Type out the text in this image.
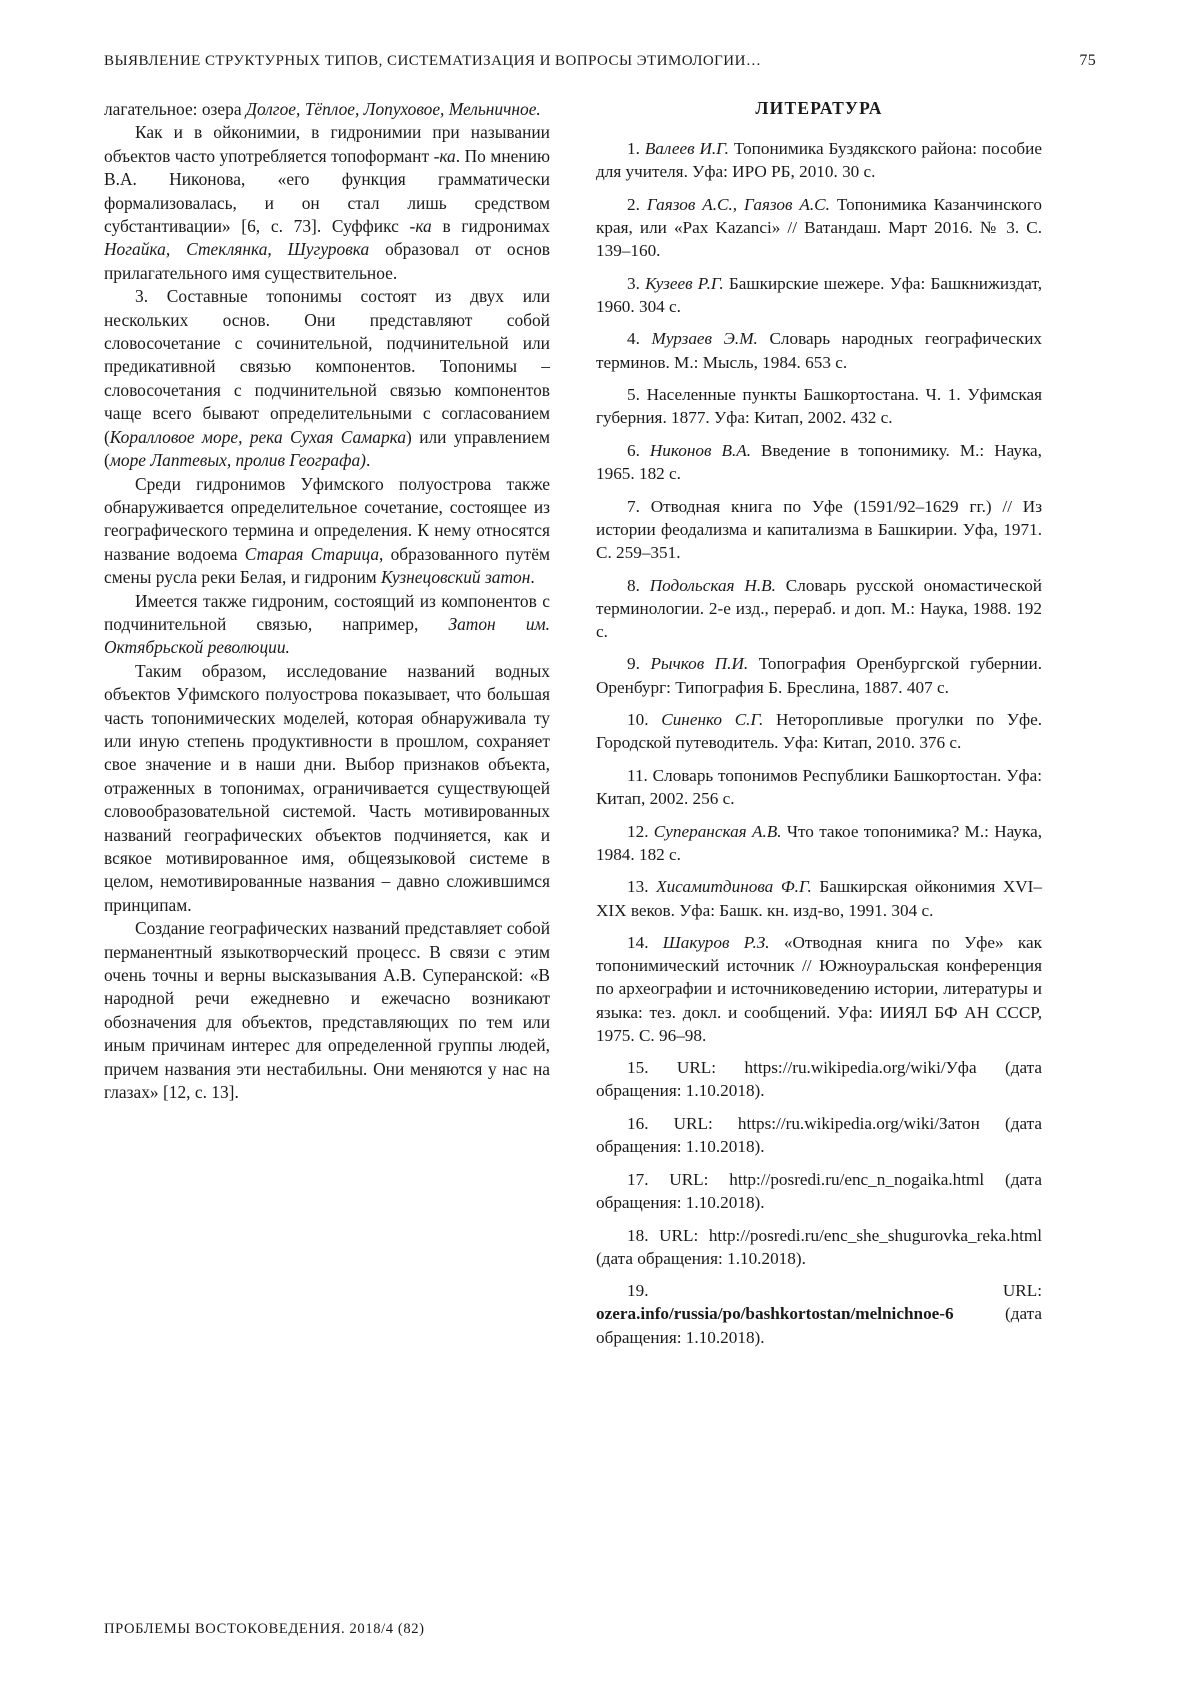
ВЫЯВЛЕНИЕ СТРУКТУРНЫХ ТИПОВ, СИСТЕМАТИЗАЦИЯ И ВОПРОСЫ ЭТИМОЛОГИИ…	75

лагательное: озера Долгое, Тёплое, Лопуховое, Мельничное.

Как и в ойконимии, в гидронимии при назывании объектов часто употребляется топоформант -ка. По мнению В.А. Никонова, «его функция грамматически формализовалась, и он стал лишь средством субстантивации» [6, с. 73]. Суффикс -ка в гидронимах Ногайка, Стеклянка, Шугуровка образовал от основ прилагательного имя существительное.

3. Составные топонимы состоят из двух или нескольких основ. Они представляют собой словосочетание с сочинительной, подчинительной или предикативной связью компонентов. Топонимы – словосочетания с подчинительной связью компонентов чаще всего бывают определительными с согласованием (Коралловое море, река Сухая Самарка) или управлением (море Лаптевых, пролив Географа).

Среди гидронимов Уфимского полуострова также обнаруживается определительное сочетание, состоящее из географического термина и определения. К нему относятся название водоема Старая Старица, образованного путём смены русла реки Белая, и гидроним Кузнецовский затон.

Имеется также гидроним, состоящий из компонентов с подчинительной связью, например, Затон им. Октябрьской революции.

Таким образом, исследование названий водных объектов Уфимского полуострова показывает, что большая часть топонимических моделей, которая обнаруживала ту или иную степень продуктивности в прошлом, сохраняет свое значение и в наши дни. Выбор признаков объекта, отраженных в топонимах, ограничивается существующей словообразовательной системой. Часть мотивированных названий географических объектов подчиняется, как и всякое мотивированное имя, общеязыковой системе в целом, немотивированные названия – давно сложившимся принципам.

Создание географических названий представляет собой перманентный языкотворческий процесс. В связи с этим очень точны и верны высказывания А.В. Суперанской: «В народной речи ежедневно и ежечасно возникают обозначения для объектов, представляющих по тем или иным причинам интерес для определенной группы людей, причем названия эти нестабильны. Они меняются у нас на глазах» [12, с. 13].

ЛИТЕРАТУРА

1. Валеев И.Г. Топонимика Буздякского района: пособие для учителя. Уфа: ИРО РБ, 2010. 30 с.

2. Гаязов А.С., Гаязов А.С. Топонимика Казанчинского края, или «Pax Kazanci» // Ватандаш. Март 2016. № 3. С. 139–160.

3. Кузеев Р.Г. Башкирские шежере. Уфа: Башкнижиздат, 1960. 304 с.

4. Мурзаев Э.М. Словарь народных географических терминов. М.: Мысль, 1984. 653 с.

5. Населенные пункты Башкортостана. Ч. 1. Уфимская губерния. 1877. Уфа: Китап, 2002. 432 с.

6. Никонов В.А. Введение в топонимику. М.: Наука, 1965. 182 с.

7. Отводная книга по Уфе (1591/92–1629 гг.) // Из истории феодализма и капитализма в Башкирии. Уфа, 1971. С. 259–351.

8. Подольская Н.В. Словарь русской ономастической терминологии. 2-е изд., перераб. и доп. М.: Наука, 1988. 192 с.

9. Рычков П.И. Топография Оренбургской губернии. Оренбург: Типография Б. Бреслина, 1887. 407 с.

10. Синенко С.Г. Неторопливые прогулки по Уфе. Городской путеводитель. Уфа: Китап, 2010. 376 с.

11. Словарь топонимов Республики Башкортостан. Уфа: Китап, 2002. 256 с.

12. Суперанская А.В. Что такое топонимика? М.: Наука, 1984. 182 с.

13. Хисамитдинова Ф.Г. Башкирская ойконимия XVI–XIX веков. Уфа: Башк. кн. изд-во, 1991. 304 с.

14. Шакуров Р.З. «Отводная книга по Уфе» как топонимический источник // Южноуральская конференция по археографии и источниковедению истории, литературы и языка: тез. докл. и сообщений. Уфа: ИИЯЛ БФ АН СССР, 1975. С. 96–98.

15. URL: https://ru.wikipedia.org/wiki/Уфа (дата обращения: 1.10.2018).

16. URL: https://ru.wikipedia.org/wiki/Затон (дата обращения: 1.10.2018).

17. URL: http://posredi.ru/enc_n_nogaika.html (дата обращения: 1.10.2018).

18. URL: http://posredi.ru/enc_she_shugurovka_reka.html (дата обращения: 1.10.2018).

19. URL: ozera.info/russia/po/bashkortostan/melnichnoe-6 (дата обращения: 1.10.2018).

ПРОБЛЕМЫ ВОСТОКОВЕДЕНИЯ. 2018/4 (82)
